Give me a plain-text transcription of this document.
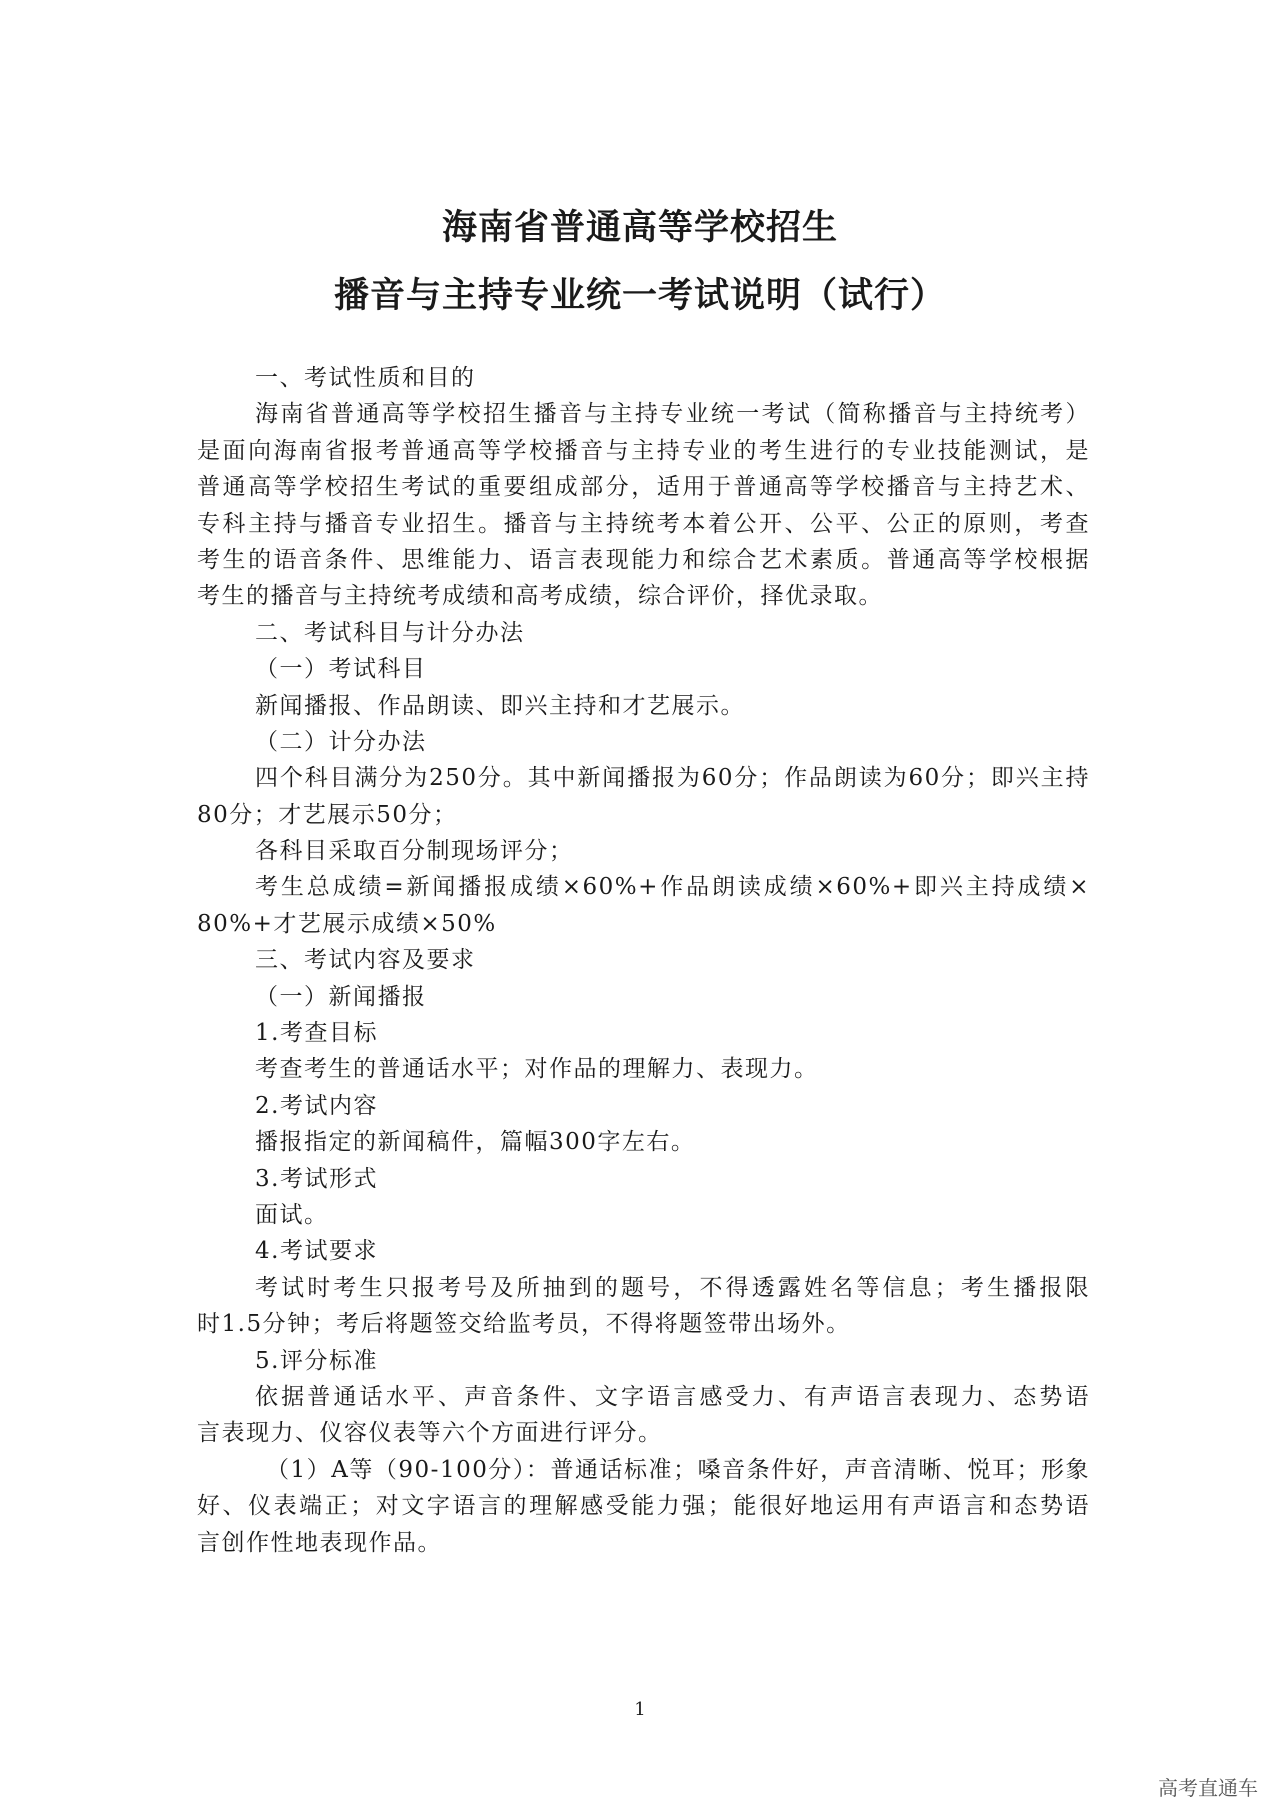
海南省普通高等学校招生
播音与主持专业统一考试说明（试行）
一、考试性质和目的
海南省普通高等学校招生播音与主持专业统一考试（简称播音与主持统考）
是面向海南省报考普通高等学校播音与主持专业的考生进行的专业技能测试，是
普通高等学校招生考试的重要组成部分，适用于普通高等学校播音与主持艺术、
专科主持与播音专业招生。播音与主持统考本着公开、公平、公正的原则，考查
考生的语音条件、思维能力、语言表现能力和综合艺术素质。普通高等学校根据
考生的播音与主持统考成绩和高考成绩，综合评价，择优录取。
二、考试科目与计分办法
（一）考试科目
新闻播报、作品朗读、即兴主持和才艺展示。
（二）计分办法
四个科目满分为250分。其中新闻播报为60分；作品朗读为60分；即兴主持
80分；才艺展示50分；
各科目采取百分制现场评分；
考生总成绩=新闻播报成绩×60%+作品朗读成绩×60%+即兴主持成绩×
80%+才艺展示成绩×50%
三、考试内容及要求
（一）新闻播报
1.考查目标
考查考生的普通话水平；对作品的理解力、表现力。
2.考试内容
播报指定的新闻稿件，篇幅300字左右。
3.考试形式
面试。
4.考试要求
考试时考生只报考号及所抽到的题号，不得透露姓名等信息；考生播报限
时1.5分钟；考后将题签交给监考员，不得将题签带出场外。
5.评分标准
依据普通话水平、声音条件、文字语言感受力、有声语言表现力、态势语
言表现力、仪容仪表等六个方面进行评分。
（1）A等（90-100分）：普通话标准；嗓音条件好，声音清晰、悦耳；形象
好、仪表端正；对文字语言的理解感受能力强；能很好地运用有声语言和态势语
言创作性地表现作品。
1
高考直通车
